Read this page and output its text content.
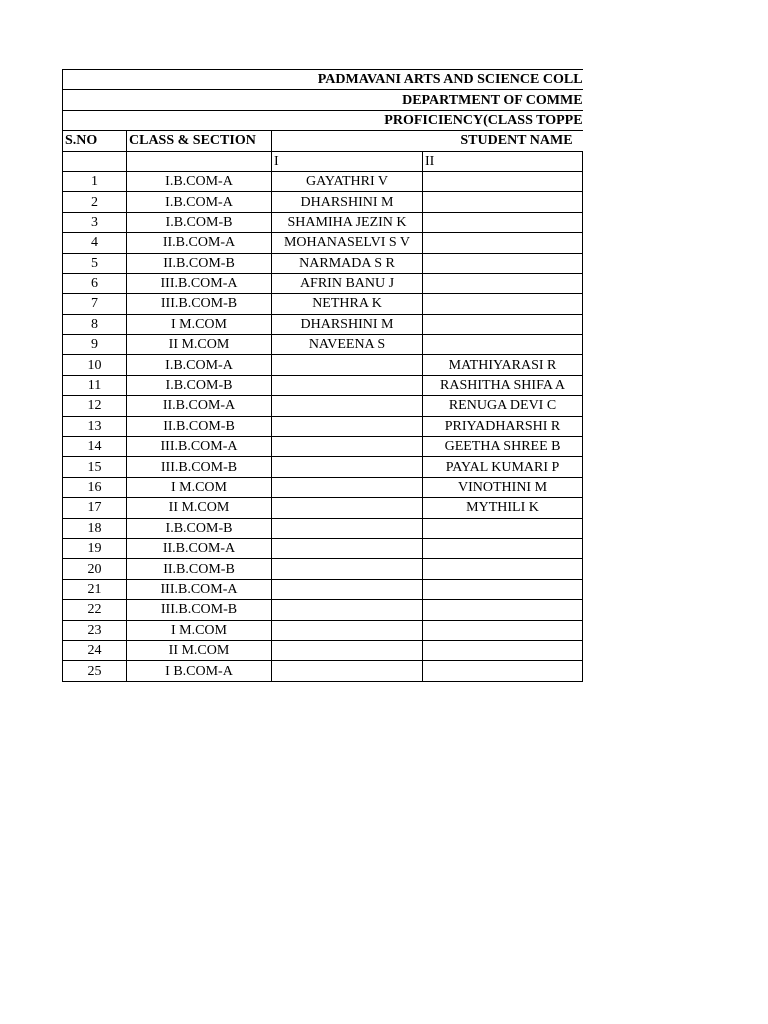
PADMAVANI ARTS AND SCIENCE COLL			
DEPARTMENT OF COMME			
PROFICIENCY(CLASS TOPPE			
S.NO	CLASS & SECTION	STUDENT NAME	
		I	II
1	I.B.COM-A	GAYATHRI V	
2	I.B.COM-A	DHARSHINI M	
3	I.B.COM-B	SHAMIHA JEZIN K	
4	II.B.COM-A	MOHANASELVI S V	
5	II.B.COM-B	NARMADA S R	
6	III.B.COM-A	AFRIN BANU J	
7	III.B.COM-B	NETHRA K	
8	I M.COM	DHARSHINI M	
9	II M.COM	NAVEENA S	
10	I.B.COM-A		MATHIYARASI R
11	I.B.COM-B		RASHITHA SHIFA A
12	II.B.COM-A		RENUGA DEVI C
13	II.B.COM-B		PRIYADHARSHI R
14	III.B.COM-A		GEETHA SHREE B
15	III.B.COM-B		PAYAL KUMARI P
16	I M.COM		VINOTHINI M
17	II M.COM		MYTHILI K
18	I.B.COM-B		
19	II.B.COM-A		
20	II.B.COM-B		
21	III.B.COM-A		
22	III.B.COM-B		
23	I M.COM		
24	II M.COM		
25	I B.COM-A		
